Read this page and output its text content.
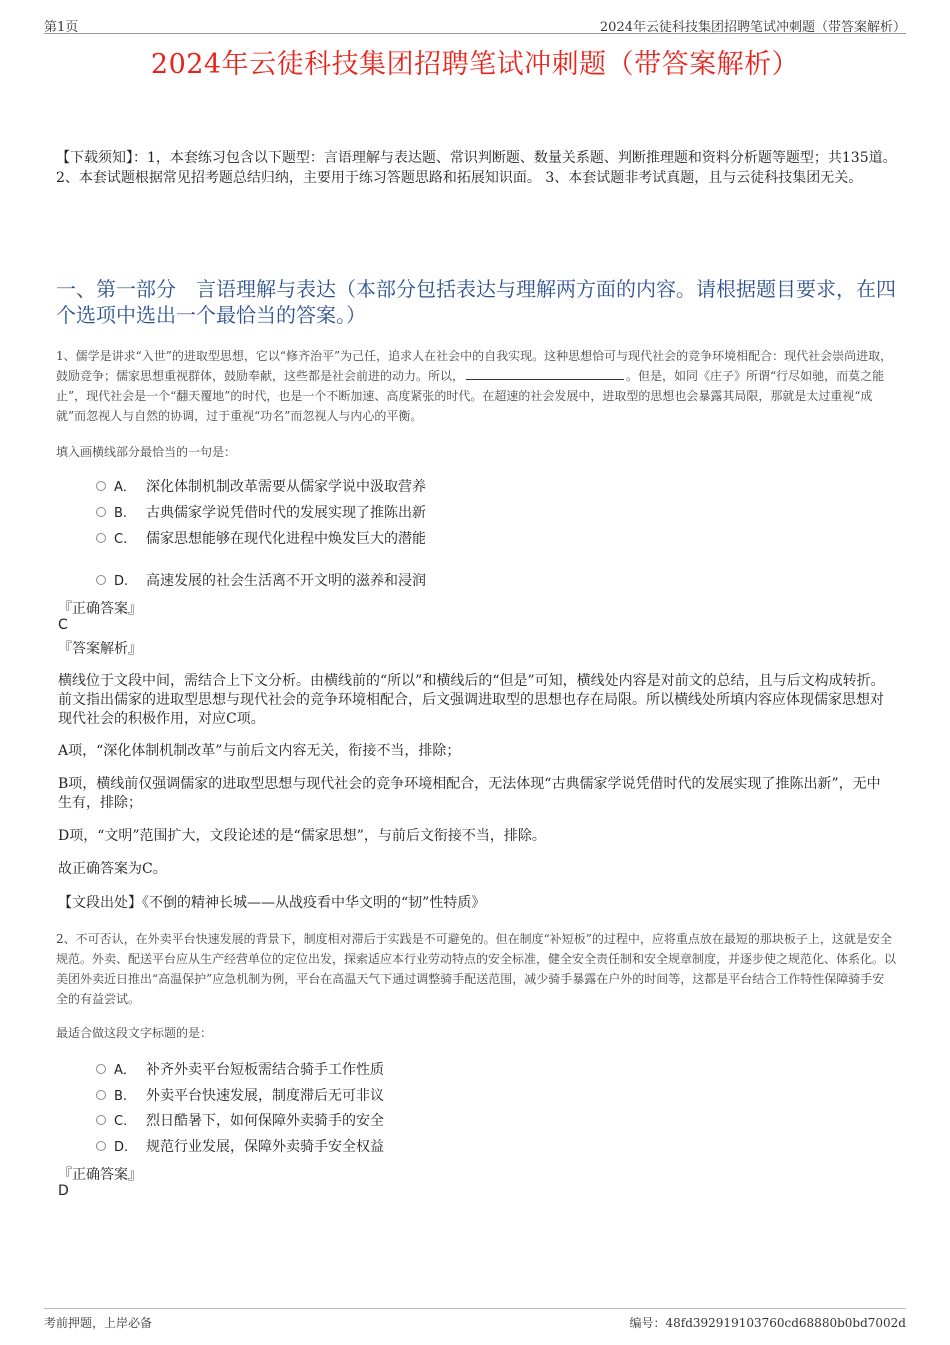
第1页	2024年云徒科技集团招聘笔试冲刺题（带答案解析）
2024年云徒科技集团招聘笔试冲刺题（带答案解析）
【下载须知】：1，本套练习包含以下题型：言语理解与表达题、常识判断题、数量关系题、判断推理题和资料分析题等题型；共135道。 2、本套试题根据常见招考题总结归纳，主要用于练习答题思路和拓展知识面。 3、本套试题非考试真题，且与云徒科技集团无关。
一、第一部分　言语理解与表达（本部分包括表达与理解两方面的内容。请根据题目要求，在四个选项中选出一个最恰当的答案。）
1、儒学是讲求“入世”的进取型思想，它以“修齐治平”为己任，追求人在社会中的自我实现。这种思想恰可与现代社会的竞争环境相配合：现代社会崇尚进取，鼓励竞争；儒家思想重视群体，鼓励奉献，这些都是社会前进的动力。所以，	。但是，如同《庄子》所谓“行尽如驰，而莫之能止”，现代社会是一个“翻天覆地”的时代，也是一个不断加速、高度紧张的时代。在超速的社会发展中，进取型的思想也会暴露其局限，那就是太过重视“成就”而忽视人与自然的协调，过于重视“功名”而忽视人与内心的平衡。
填入画横线部分最恰当的一句是：
A． 深化体制机制改革需要从儒家学说中汲取营养
B. 古典儒家学说凭借时代的发展实现了推陈出新
C. 儒家思想能够在现代化进程中焕发巨大的潜能
D. 高速发展的社会生活离不开文明的滋养和浸润
『正确答案』
C
『答案解析』
横线位于文段中间，需结合上下文分析。由横线前的“所以”和横线后的“但是”可知，横线处内容是对前文的总结，且与后文构成转折。前文指出儒家的进取型思想与现代社会的竞争环境相配合，后文强调进取型的思想也存在局限。所以横线处所填内容应体现儒家思想对现代社会的积极作用，对应C项。
A项，“深化体制机制改革”与前后文内容无关，衔接不当，排除；
B项，横线前仅强调儒家的进取型思想与现代社会的竞争环境相配合，无法体现“古典儒家学说凭借时代的发展实现了推陈出新”，无中生有，排除；
D项，“文明”范围扩大，文段论述的是“儒家思想”，与前后文衔接不当，排除。
故正确答案为C。
【文段出处】《不倒的精神长城——从战疫看中华文明的“韧”性特质》
2、不可否认，在外卖平台快速发展的背景下，制度相对滞后于实践是不可避免的。但在制度“补短板”的过程中，应将重点放在最短的那块板子上，这就是安全规范。外卖、配送平台应从生产经营单位的定位出发，探索适应本行业劳动特点的安全标准，健全安全责任制和安全规章制度，并逐步使之规范化、体系化。以美团外卖近日推出“高温保护”应急机制为例，平台在高温天气下通过调整骑手配送范围，减少骑手暴露在户外的时间等，这都是平台结合工作特性保障骑手安全的有益尝试。
最适合做这段文字标题的是：
A． 补齐外卖平台短板需结合骑手工作性质
B. 外卖平台快速发展，制度滞后无可非议
C. 烈日酷暑下，如何保障外卖骑手的安全
D. 规范行业发展，保障外卖骑手安全权益
『正确答案』
D
考前押题，上岸必备	编号：48fd392919103760cd68880b0bd7002d
